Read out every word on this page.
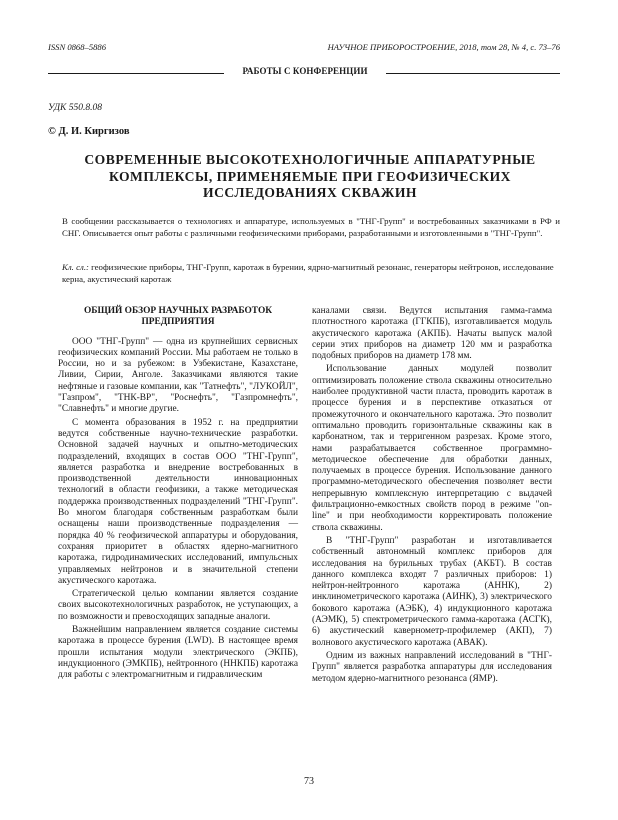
ISSN 0868–5886	НАУЧНОЕ ПРИБОРОСТРОЕНИЕ, 2018, том 28, № 4, с. 73–76
РАБОТЫ С КОНФЕРЕНЦИИ
УДК 550.8.08
© Д. И. Киргизов
СОВРЕМЕННЫЕ ВЫСОКОТЕХНОЛОГИЧНЫЕ АППАРАТУРНЫЕ КОМПЛЕКСЫ, ПРИМЕНЯЕМЫЕ ПРИ ГЕОФИЗИЧЕСКИХ ИССЛЕДОВАНИЯХ СКВАЖИН
В сообщении рассказывается о технологиях и аппаратуре, используемых в "ТНГ-Групп" и востребованных заказчиками в РФ и СНГ. Описывается опыт работы с различными геофизическими приборами, разработанными и изготовленными в "ТНГ-Групп".
Кл. сл.: геофизические приборы, ТНГ-Групп, каротаж в бурении, ядрно-магнитный резонанс, генераторы нейтронов, исследование керна, акустический каротаж
ОБЩИЙ ОБЗОР НАУЧНЫХ РАЗРАБОТОК ПРЕДПРИЯТИЯ

ООО "ТНГ-Групп" — одна из крупнейших сервисных геофизических компаний России. Мы работаем не только в России, но и за рубежом: в Узбекистане, Казахстане, Ливии, Сирии, Анголе. Заказчиками являются такие нефтяные и газовые компании, как "Татнефть", "ЛУКОЙЛ", "Газпром", "ТНК-ВР", "Роснефть", "Газпромнефть", "Славнефть" и многие другие.

С момента образования в 1952 г. на предприятии ведутся собственные научно-технические разработки. Основной задачей научных и опытно-методических подразделений, входящих в состав ООО "ТНГ-Групп", является разработка и внедрение востребованных в производственной деятельности инновационных технологий в области геофизики, а также методическая поддержка производственных подразделений "ТНГ-Групп". Во многом благодаря собственным разработкам были оснащены наши производственные подразделения — порядка 40 % геофизической аппаратуры и оборудования, сохраняя приоритет в областях ядерно-магнитного каротажа, гидродинамических исследований, импульсных управляемых нейтронов и в значительной степени акустического каротажа.

Стратегической целью компании является создание своих высокотехнологичных разработок, не уступающих, а по возможности и превосходящих западные аналоги.

Важнейшим направлением является создание системы каротажа в процессе бурения (LWD). В настоящее время прошли испытания модули электрического (ЭКПБ), индукционного (ЭМКПБ), нейтронного (ННКПБ) каротажа для работы с электромагнитным и гидравлическим

каналами связи. Ведутся испытания гамма-гамма плотностного каротажа (ГГКПБ), изготавливается модуль акустического каротажа (АКПБ). Начаты выпуск малой серии этих приборов на диаметр 120 мм и разработка подобных приборов на диаметр 178 мм.

Использование данных модулей позволит оптимизировать положение ствола скважины относительно наиболее продуктивной части пласта, проводить каротаж в процессе бурения и в перспективе отказаться от промежуточного и окончательного каротажа. Это позволит оптимально проводить горизонтальные скважины как в карбонатном, так и терригенном разрезах. Кроме этого, нами разрабатывается собственное программно-методическое обеспечение для обработки данных, получаемых в процессе бурения. Использование данного программно-методического обеспечения позволяет вести непрерывную комплексную интерпретацию с выдачей фильтрационно-емкостных свойств пород в режиме "on-line" и при необходимости корректировать положение ствола скважины.

В "ТНГ-Групп" разработан и изготавливается собственный автономный комплекс приборов для исследования на бурильных трубах (АКБТ). В состав данного комплекса входят 7 различных приборов: 1) нейтрон-нейтронного каротажа (АННК), 2) инклинометрического каротажа (АИНК), 3) электрического бокового каротажа (АЭБК), 4) индукционного каротажа (АЭМК), 5) спектрометрического гамма-каротажа (АСГК), 6) акустический кавернометр-профилемер (АКП), 7) волнового акустического каротажа (АВАК).

Одним из важных направлений исследований в "ТНГ-Групп" является разработка аппаратуры для исследования методом ядерно-магнитного резонанса (ЯМР).

73
